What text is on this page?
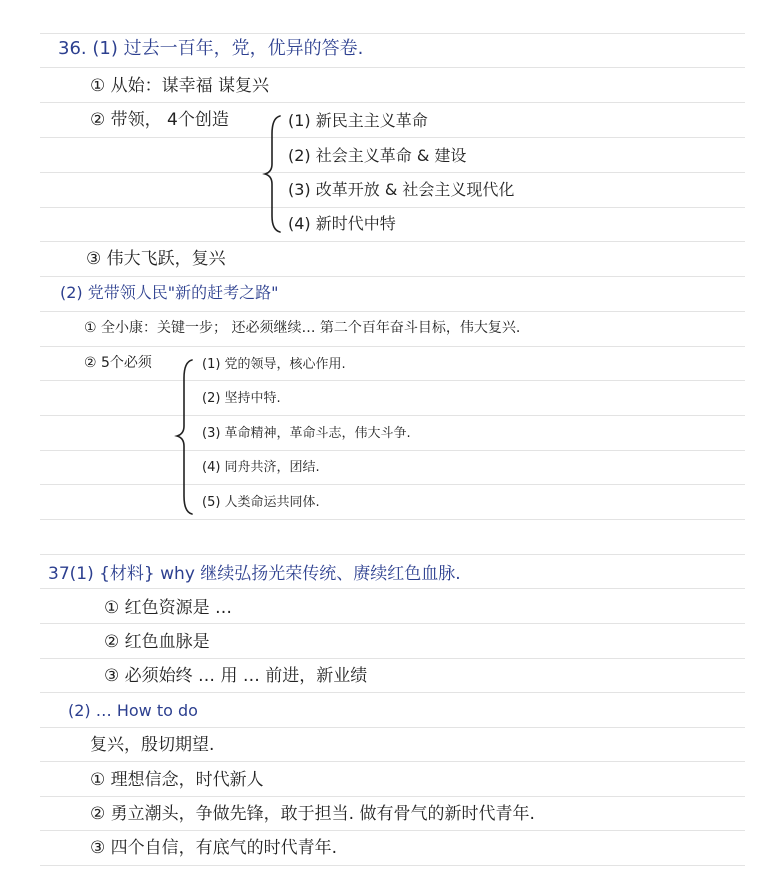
36. (1) 过去一百年，党，优异的答卷.
① 从始：谋幸福 谋复兴
② 带领， 4个创造	(1) 新民主主义革命
(2) 社会主义革命 & 建设
(3) 改革开放 & 社会主义现代化
(4) 新时代中特
③ 伟大飞跃，复兴
(2) 党带领人民"新的赶考之路"
① 全小康：关键一步； 还必须继续… 第二个百年奋斗目标，伟大复兴.
② 5个必须	(1) 党的领导，核心作用.
(2) 坚持中特.
(3) 革命精神，革命斗志，伟大斗争.
(4) 同舟共济，团结.
(5) 人类命运共同体.
37(1) {材料} why 继续弘扬光荣传统、赓续红色血脉.
① 红色资源是 …
② 红色血脉是
③ 必须始终 … 用 … 前进，新业绩
(2) … How to do
复兴，殷切期望.
① 理想信念，时代新人
② 勇立潮头，争做先锋，敢于担当. 做有骨气的新时代青年.
③ 四个自信，有底气的时代青年.
